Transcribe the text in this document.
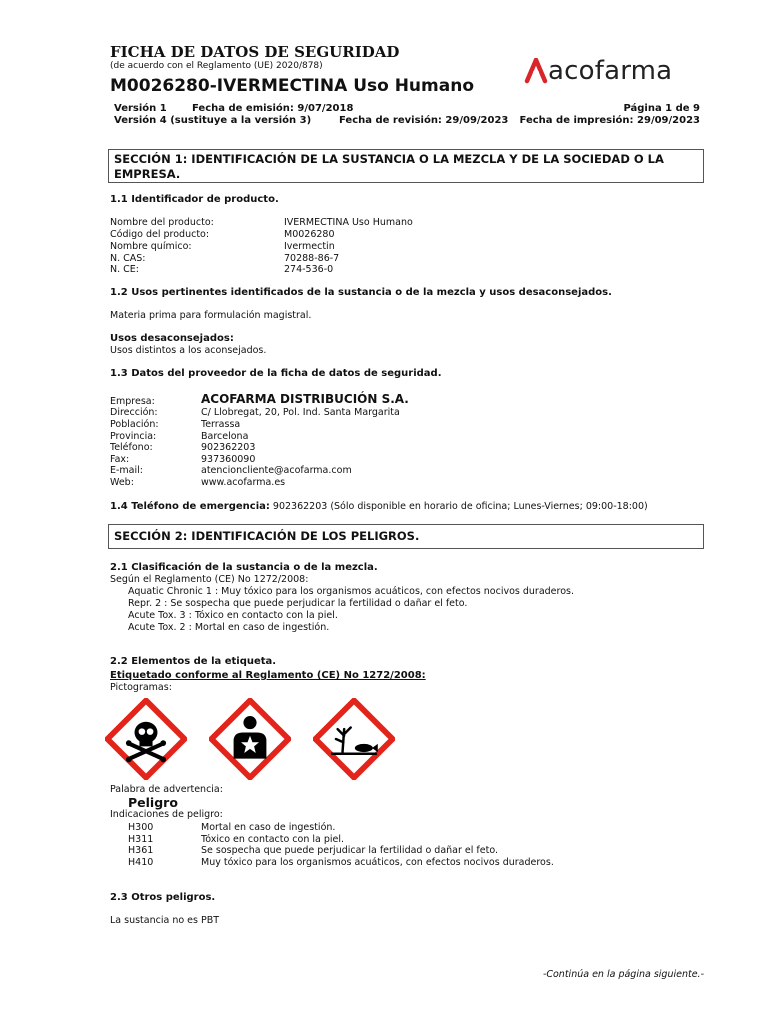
FICHA DE DATOS DE SEGURIDAD
(de acuerdo con el Reglamento (UE) 2020/878)
M0026280-IVERMECTINA Uso Humano	acofarma
Versión 1	Fecha de emisión: 9/07/2018	Página 1 de 9
Versión 4 (sustituye a la versión 3)	Fecha de revisión: 29/09/2023 Fecha de impresión: 29/09/2023
SECCIÓN 1: IDENTIFICACIÓN DE LA SUSTANCIA O LA MEZCLA Y DE LA SOCIEDAD O LA
EMPRESA.
1.1 Identificador de producto.
Nombre del producto:	IVERMECTINA Uso Humano
Código del producto:	M0026280
Nombre químico:	Ivermectin
N. CAS:	70288-86-7
N. CE:	274-536-0
1.2 Usos pertinentes identificados de la sustancia o de la mezcla y usos desaconsejados.
Materia prima para formulación magistral.
Usos desaconsejados:
Usos distintos a los aconsejados.
1.3 Datos del proveedor de la ficha de datos de seguridad.
Empresa:	ACOFARMA DISTRIBUCIÓN S.A.
Dirección:	C/ Llobregat, 20, Pol. Ind. Santa Margarita
Población:	Terrassa
Provincia:	Barcelona
Teléfono:	902362203
Fax:	937360090
E-mail:	atencioncliente@acofarma.com
Web:	www.acofarma.es
1.4 Teléfono de emergencia: 902362203 (Sólo disponible en horario de oficina; Lunes-Viernes; 09:00-18:00)
SECCIÓN 2: IDENTIFICACIÓN DE LOS PELIGROS.
2.1 Clasificación de la sustancia o de la mezcla.
Según el Reglamento (CE) No 1272/2008:
Aquatic Chronic 1 : Muy tóxico para los organismos acuáticos, con efectos nocivos duraderos.
Repr. 2 : Se sospecha que puede perjudicar la fertilidad o dañar el feto.
Acute Tox. 3 : Tóxico en contacto con la piel.
Acute Tox. 2 : Mortal en caso de ingestión.
2.2 Elementos de la etiqueta.
Etiquetado conforme al Reglamento (CE) No 1272/2008:
Pictogramas:
Palabra de advertencia:
Peligro
Indicaciones de peligro:
H300	Mortal en caso de ingestión.
H311	Tóxico en contacto con la piel.
H361	Se sospecha que puede perjudicar la fertilidad o dañar el feto.
H410	Muy tóxico para los organismos acuáticos, con efectos nocivos duraderos.
2.3 Otros peligros.
La sustancia no es PBT
-Continúa en la página siguiente.-
